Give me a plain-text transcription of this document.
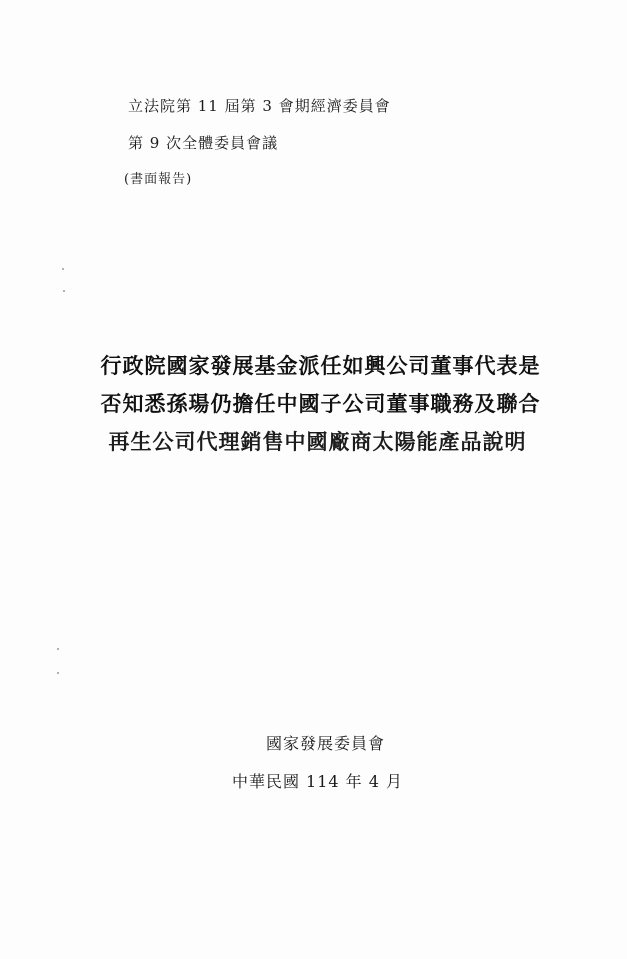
立法院第 11 屆第 3 會期經濟委員會
第 9 次全體委員會議
(書面報告)
行政院國家發展基金派任如興公司董事代表是
否知悉孫瑒仍擔任中國子公司董事職務及聯合
再生公司代理銷售中國廠商太陽能產品說明
國家發展委員會
中華民國 114 年 4 月
